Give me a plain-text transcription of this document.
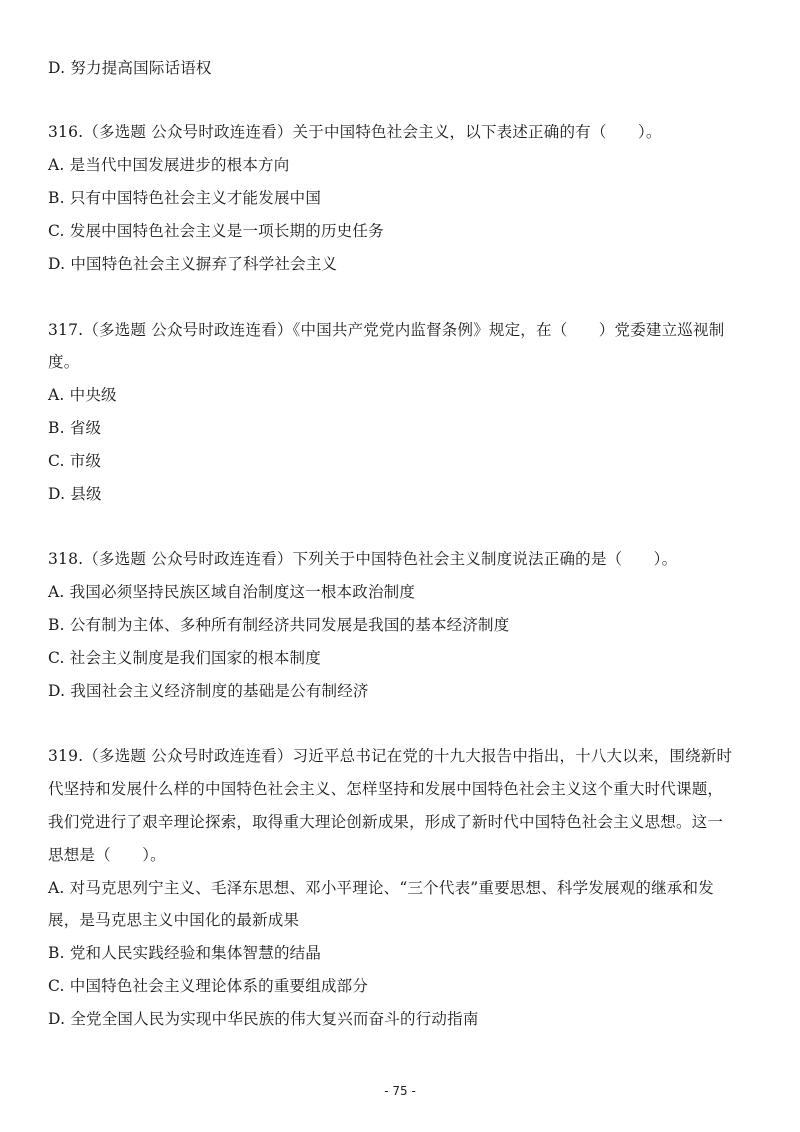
D. 努力提高国际话语权
316.（多选题 公众号时政连连看）关于中国特色社会主义，以下表述正确的有（　　）。
A. 是当代中国发展进步的根本方向
B. 只有中国特色社会主义才能发展中国
C. 发展中国特色社会主义是一项长期的历史任务
D. 中国特色社会主义摒弃了科学社会主义
317.（多选题 公众号时政连连看）《中国共产党党内监督条例》规定，在（　　）党委建立巡视制
度。
A. 中央级
B. 省级
C. 市级
D. 县级
318.（多选题 公众号时政连连看）下列关于中国特色社会主义制度说法正确的是（　　）。
A. 我国必须坚持民族区域自治制度这一根本政治制度
B. 公有制为主体、多种所有制经济共同发展是我国的基本经济制度
C. 社会主义制度是我们国家的根本制度
D. 我国社会主义经济制度的基础是公有制经济
319.（多选题 公众号时政连连看）习近平总书记在党的十九大报告中指出，十八大以来，围绕新时
代坚持和发展什么样的中国特色社会主义、怎样坚持和发展中国特色社会主义这个重大时代课题，
我们党进行了艰辛理论探索，取得重大理论创新成果，形成了新时代中国特色社会主义思想。这一
思想是（　　）。
A. 对马克思列宁主义、毛泽东思想、邓小平理论、“三个代表”重要思想、科学发展观的继承和发
展，是马克思主义中国化的最新成果
B. 党和人民实践经验和集体智慧的结晶
C. 中国特色社会主义理论体系的重要组成部分
D. 全党全国人民为实现中华民族的伟大复兴而奋斗的行动指南
- 75 -
